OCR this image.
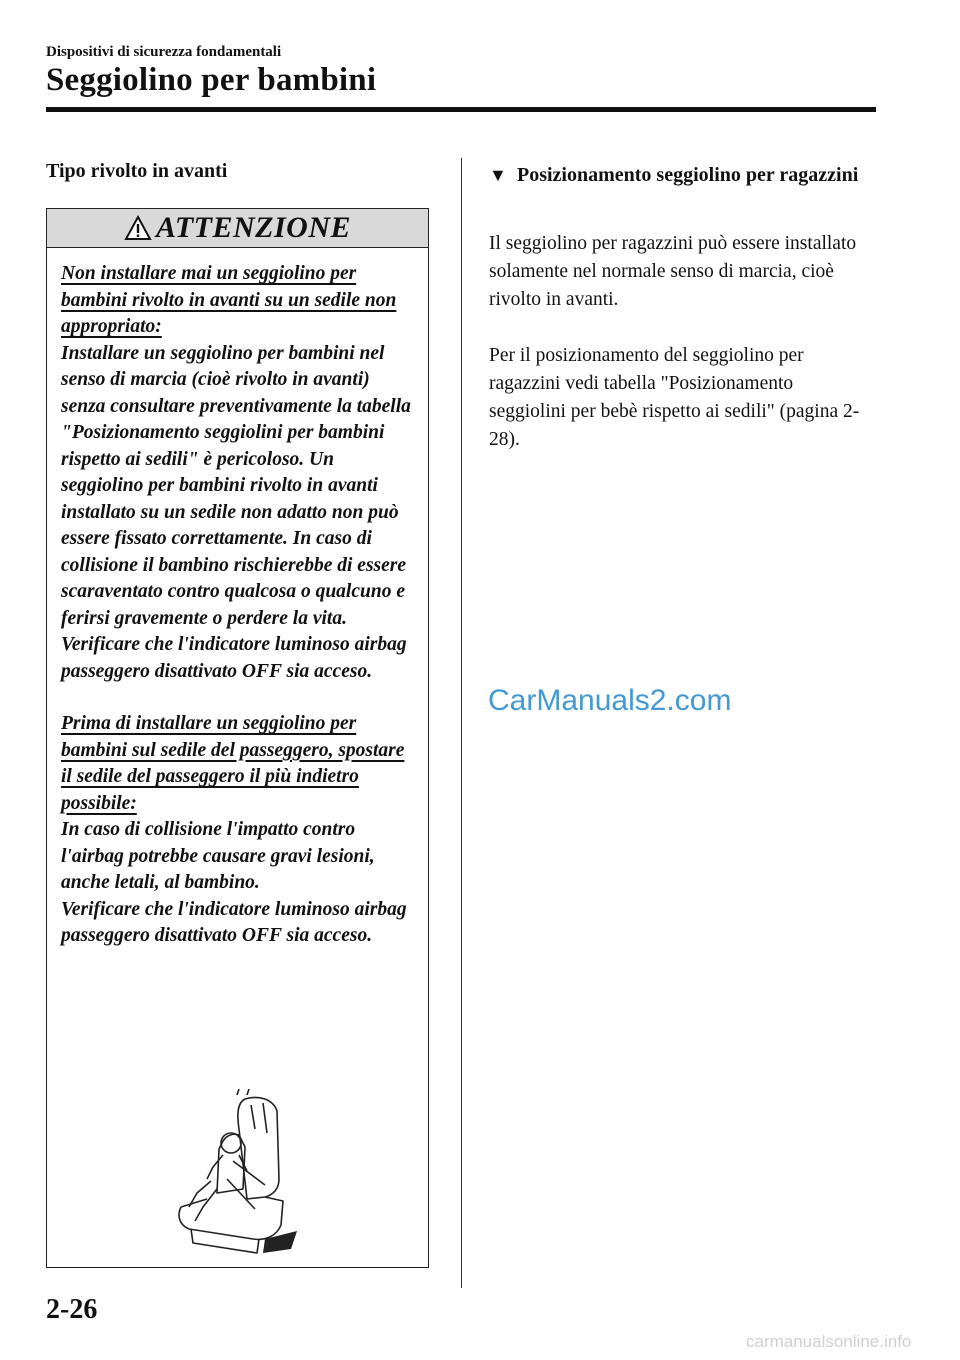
Dispositivi di sicurezza fondamentali
Seggiolino per bambini
Tipo rivolto in avanti
ATTENZIONE

Non installare mai un seggiolino per bambini rivolto in avanti su un sedile non appropriato:

Installare un seggiolino per bambini nel senso di marcia (cioè rivolto in avanti) senza consultare preventivamente la tabella "Posizionamento seggiolini per bambini rispetto ai sedili" è pericoloso. Un seggiolino per bambini rivolto in avanti installato su un sedile non adatto non può essere fissato correttamente. In caso di collisione il bambino rischierebbe di essere scaraventato contro qualcosa o qualcuno e ferirsi gravemente o perdere la vita.

Verificare che l'indicatore luminoso airbag passeggero disattivato OFF sia acceso.

Prima di installare un seggiolino per bambini sul sedile del passeggero, spostare il sedile del passeggero il più indietro possibile:

In caso di collisione l'impatto contro l'airbag potrebbe causare gravi lesioni, anche letali, al bambino.

Verificare che l'indicatore luminoso airbag passeggero disattivato OFF sia acceso.

▼ Posizionamento seggiolino per ragazzini

Il seggiolino per ragazzini può essere installato solamente nel normale senso di marcia, cioè rivolto in avanti.

Per il posizionamento del seggiolino per ragazzini vedi tabella "Posizionamento seggiolini per bebè rispetto ai sedili" (pagina 2-28).

CarManuals2.com
2-26
carmanualsonline.info
